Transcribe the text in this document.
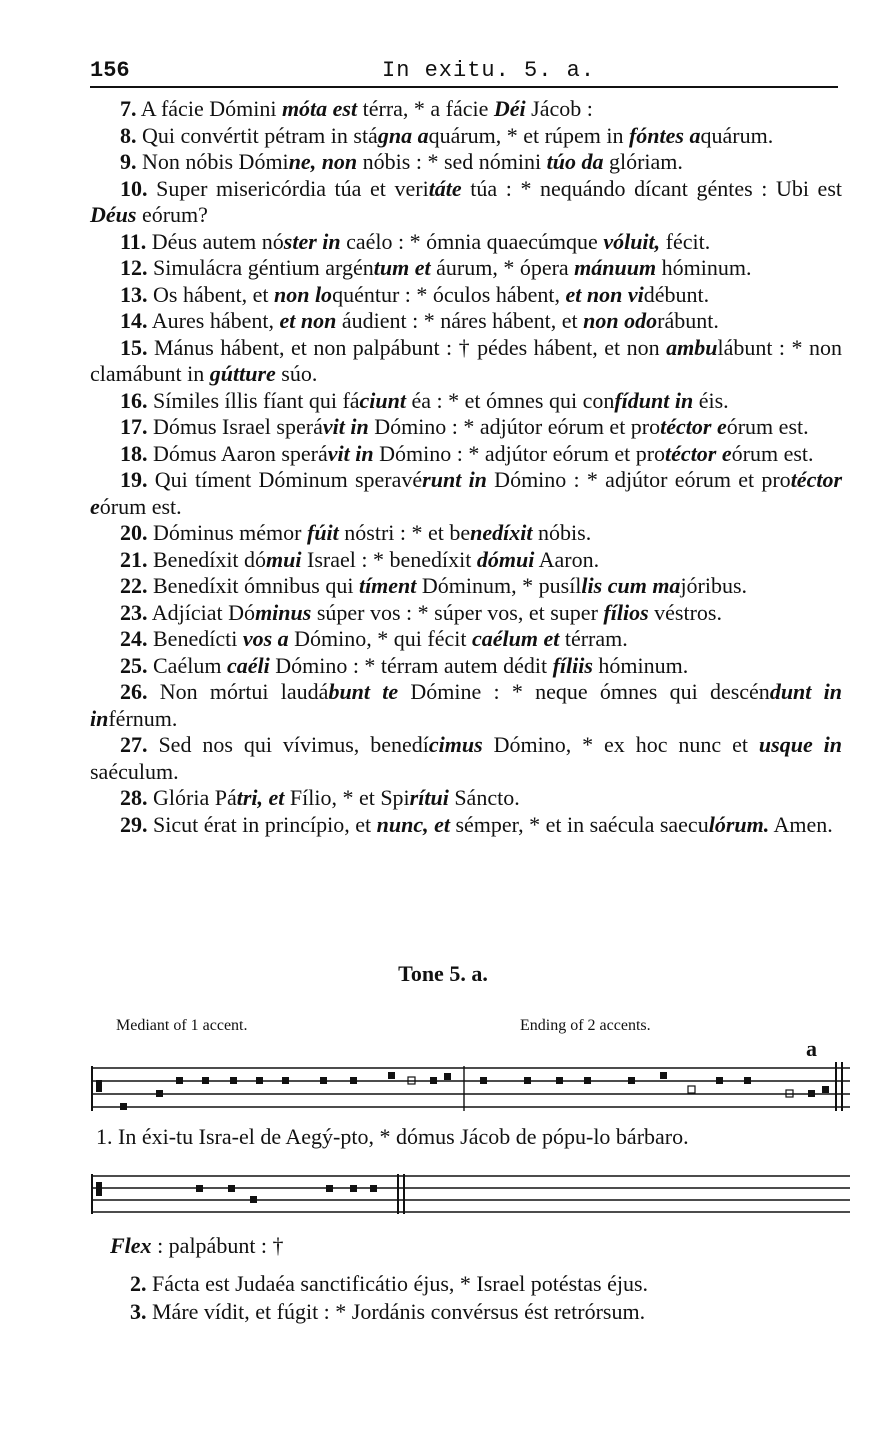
156	In exitu. 5. a.

7. A fácie Dómini móta est térra, * a fácie Déi Jácob :

8. Qui convértit pétram in stágna aquárum, * et rúpem in fóntes aquárum.

9. Non nóbis Dómine, non nóbis : * sed nómini túo da glóriam.

10. Super misericórdia túa et veritáte túa : * nequándo dícant géntes : Ubi est Déus eórum?

11. Déus autem nóster in caélo : * ómnia quaecúmque vóluit, fécit.

12. Simulácra géntium argéntum et áurum, * ópera mánuum hóminum.

13. Os hábent, et non loquéntur : * óculos hábent, et non vidébunt.

14. Aures hábent, et non áudient : * náres hábent, et non odorábunt.

15. Mánus hábent, et non palpábunt : † pédes hábent, et non ambulábunt : * non clamábunt in gútture súo.

16. Símiles íllis fíant qui fáciunt éa : * et ómnes qui confídunt in éis.

17. Dómus Israel sperávit in Dómino : * adjútor eórum et protéctor eórum est.

18. Dómus Aaron sperávit in Dómino : * adjútor eórum et protéctor eórum est.

19. Qui tíment Dóminum speravérunt in Dómino : * adjútor eórum et protéctor eórum est.

20. Dóminus mémor fúit nóstri : * et benedíxit nóbis.

21. Benedíxit dómui Israel : * benedíxit dómui Aaron.

22. Benedíxit ómnibus qui tíment Dóminum, * pusíllis cum majóribus.

23. Adjíciat Dóminus súper vos : * súper vos, et super fílios véstros.

24. Benedícti vos a Dómino, * qui fécit caélum et térram.

25. Caélum caéli Dómino : * térram autem dédit fíliis hóminum.

26. Non mórtui laudábunt te Dómine : * neque ómnes qui descéndunt in inférnum.

27. Sed nos qui vívimus, benedícimus Dómino, * ex hoc nunc et usque in saéculum.

28. Glória Pátri, et Fílio, * et Spirítui Sáncto.

29. Sicut érat in princípio, et nunc, et sémper, * et in saécula saeculórum. Amen.

Tone 5. a.
Mediant of 1 accent.	Ending of 2 accents.
a
1. In éxi-tu Isra-el de Aegý-pto, * dómus Jácob de pópu-lo bárbaro.
Flex : palpábunt : †
2. Fácta est Judaéa sanctificátio éjus, * Israel potéstas éjus.
3. Máre vídit, et fúgit : * Jordánis convérsus ést retrórsum.
